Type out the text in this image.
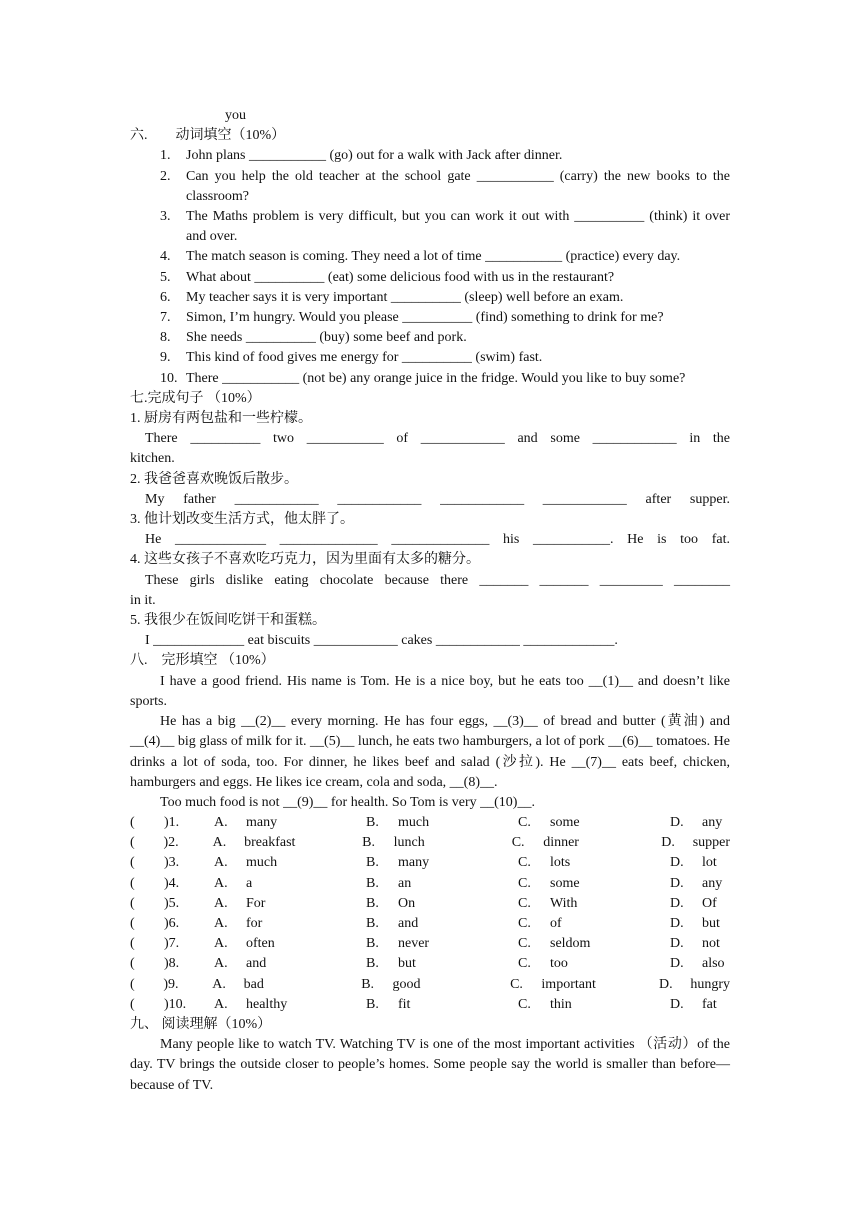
you

六.　　动词填空（10%）

1.	John plans ___________ (go) out for a walk with Jack after dinner.
2.	Can you help the old teacher at the school gate ___________ (carry) the new books to the classroom?
3.	The Maths problem is very difficult, but you can work it out with __________ (think) it over and over.
4.	The match season is coming. They need a lot of time ___________ (practice) every day.
5.	What about __________ (eat) some delicious food with us in the restaurant?
6.	My teacher says it is very important __________ (sleep) well before an exam.
7.	Simon, I’m hungry. Would you please __________ (find) something to drink for me?
8.	She needs __________ (buy) some beef and pork.
9.	This kind of food gives me energy for __________ (swim) fast.
10. There ___________ (not be) any orange juice in the fridge. Would you like to buy some?

七.完成句子 （10%）

1. 厨房有两包盐和一些柠檬。

There __________ two ___________ of ____________ and some ____________ in the

kitchen.

2. 我爸爸喜欢晚饭后散步。

My father ____________ ____________ ____________ ____________ after supper.

3. 他计划改变生活方式，他太胖了。

He _____________ ______________ ______________ his ___________. He is too fat.

4. 这些女孩子不喜欢吃巧克力，因为里面有太多的糖分。

These girls dislike eating chocolate because there _______ _______ _________ ________

in it.

5. 我很少在饭间吃饼干和蛋糕。

I _____________ eat biscuits ____________ cakes ____________ _____________.

八.　完形填空 （10%）

I have a good friend. His name is Tom. He is a nice boy, but he eats too __(1)__ and doesn’t like sports.

He has a big __(2)__ every morning. He has four eggs, __(3)__ of bread and butter (黄油) and __(4)__ big glass of milk for it. __(5)__ lunch, he eats two hamburgers, a lot of pork __(6)__ tomatoes. He drinks a lot of soda, too. For dinner, he likes beef and salad (沙拉). He __(7)__ eats beef, chicken, hamburgers and eggs. He likes ice cream, cola and soda, __(8)__.

Too much food is not __(9)__ for health. So Tom is very __(10)__.

(	)1.	A.	many	B.	much	C.	some	D.	any
(	)2.	A.	breakfast	B.	lunch	C.	dinner	D.	supper
(	)3.	A.	much	B.	many	C.	lots	D.	lot
(	)4.	A.	a	B.	an	C.	some	D.	any
(	)5.	A.	For	B.	On	C.	With	D.	Of
(	)6.	A.	for	B.	and	C.	of	D.	but
(	)7.	A.	often	B.	never	C.	seldom	D.	not
(	)8.	A.	and	B.	but	C.	too	D.	also
(	)9.	A.	bad	B.	good	C.	important	D.	hungry
(	)10.	A.	healthy	B.	fit	C.	thin	D.	fat

九、 阅读理解（10%）

Many people like to watch TV. Watching TV is one of the most important activities （活动）of the day. TV brings the outside closer to people’s homes. Some people say the world is smaller than before—because of TV.
